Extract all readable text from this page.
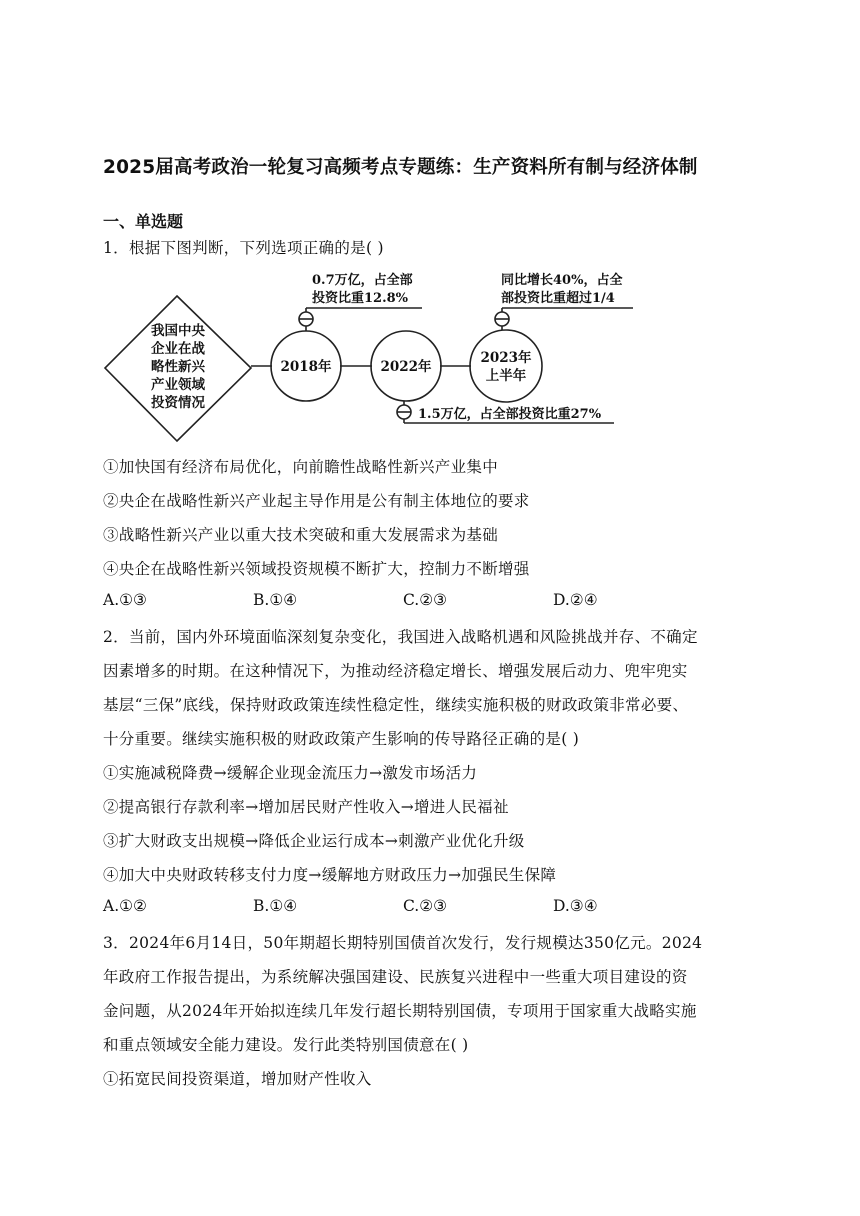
2025届高考政治一轮复习高频考点专题练：生产资料所有制与经济体制
一、单选题
1．根据下图判断，下列选项正确的是( )
我国中央
企业在战
略性新兴
产业领域
投资情况
2018年	2022年
2023年
上半年
0.7万亿，占全部
投资比重12.8%
同比增长40%，占全
部投资比重超过1/4
1.5万亿，占全部投资比重27%
①加快国有经济布局优化，向前瞻性战略性新兴产业集中
②央企在战略性新兴产业起主导作用是公有制主体地位的要求
③战略性新兴产业以重大技术突破和重大发展需求为基础
④央企在战略性新兴领域投资规模不断扩大，控制力不断增强
A.①③	B.①④	C.②③	D.②④
2．当前，国内外环境面临深刻复杂变化，我国进入战略机遇和风险挑战并存、不确定
因素增多的时期。在这种情况下，为推动经济稳定增长、增强发展后动力、兜牢兜实
基层“三保”底线，保持财政政策连续性稳定性，继续实施积极的财政政策非常必要、
十分重要。继续实施积极的财政政策产生影响的传导路径正确的是( )
①实施减税降费→缓解企业现金流压力→激发市场活力
②提高银行存款利率→增加居民财产性收入→增进人民福祉
③扩大财政支出规模→降低企业运行成本→刺激产业优化升级
④加大中央财政转移支付力度→缓解地方财政压力→加强民生保障
A.①②	B.①④	C.②③	D.③④
3．2024年6月14日，50年期超长期特别国债首次发行，发行规模达350亿元。2024
年政府工作报告提出，为系统解决强国建设、民族复兴进程中一些重大项目建设的资
金问题，从2024年开始拟连续几年发行超长期特别国债，专项用于国家重大战略实施
和重点领域安全能力建设。发行此类特别国债意在( )
①拓宽民间投资渠道，增加财产性收入
